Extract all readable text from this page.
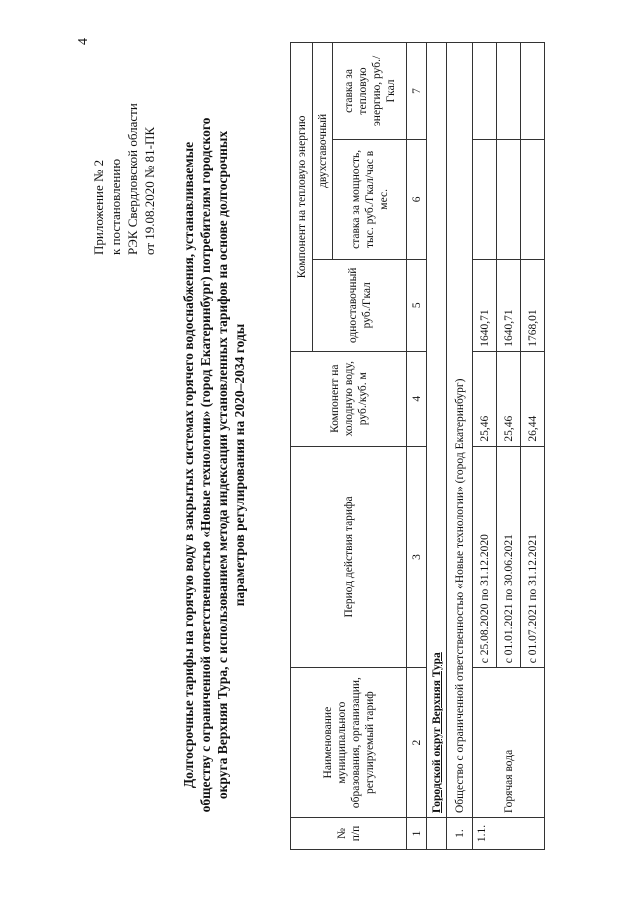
4
Приложение № 2 к постановлению РЭК Свердловской области от 19.08.2020 № 81-ПК Долгосрочные тарифы на горячую воду в закрытых системах горячего водоснабжения, устанавливаемые обществу с ограниченной ответственностью «Новые технологии» (город Екатеринбург) потребителям городского округа Верхняя Тура, с использованием метода индексации установленных тарифов на основе долгосрочных параметров регулирования на 2020–2034 годы
№ п/п	Наименование муниципального образования, организации, регулируемый тариф	Период действия тарифа	Компонент на холодную воду, руб./куб. м	Компонент на тепловую энергию		
				одноставочный руб./Гкал	двухставочный	
					ставка за мощность, тыс. руб./Гкал/час в мес.	ставка за тепловую энергию, руб./Гкал
1	2	3	4	5	6	7
	Городской округ Верхняя Тура					
1.	Общество с ограниченной ответственностью «Новые технологии» (город Екатеринбург)					
1.1.	Горячая вода	с 25.08.2020 по 31.12.2020	25,46	1640,71		
		с 01.01.2021 по 30.06.2021	25,46	1640,71		
		с 01.07.2021 по 31.12.2021	26,44	1768,01		
